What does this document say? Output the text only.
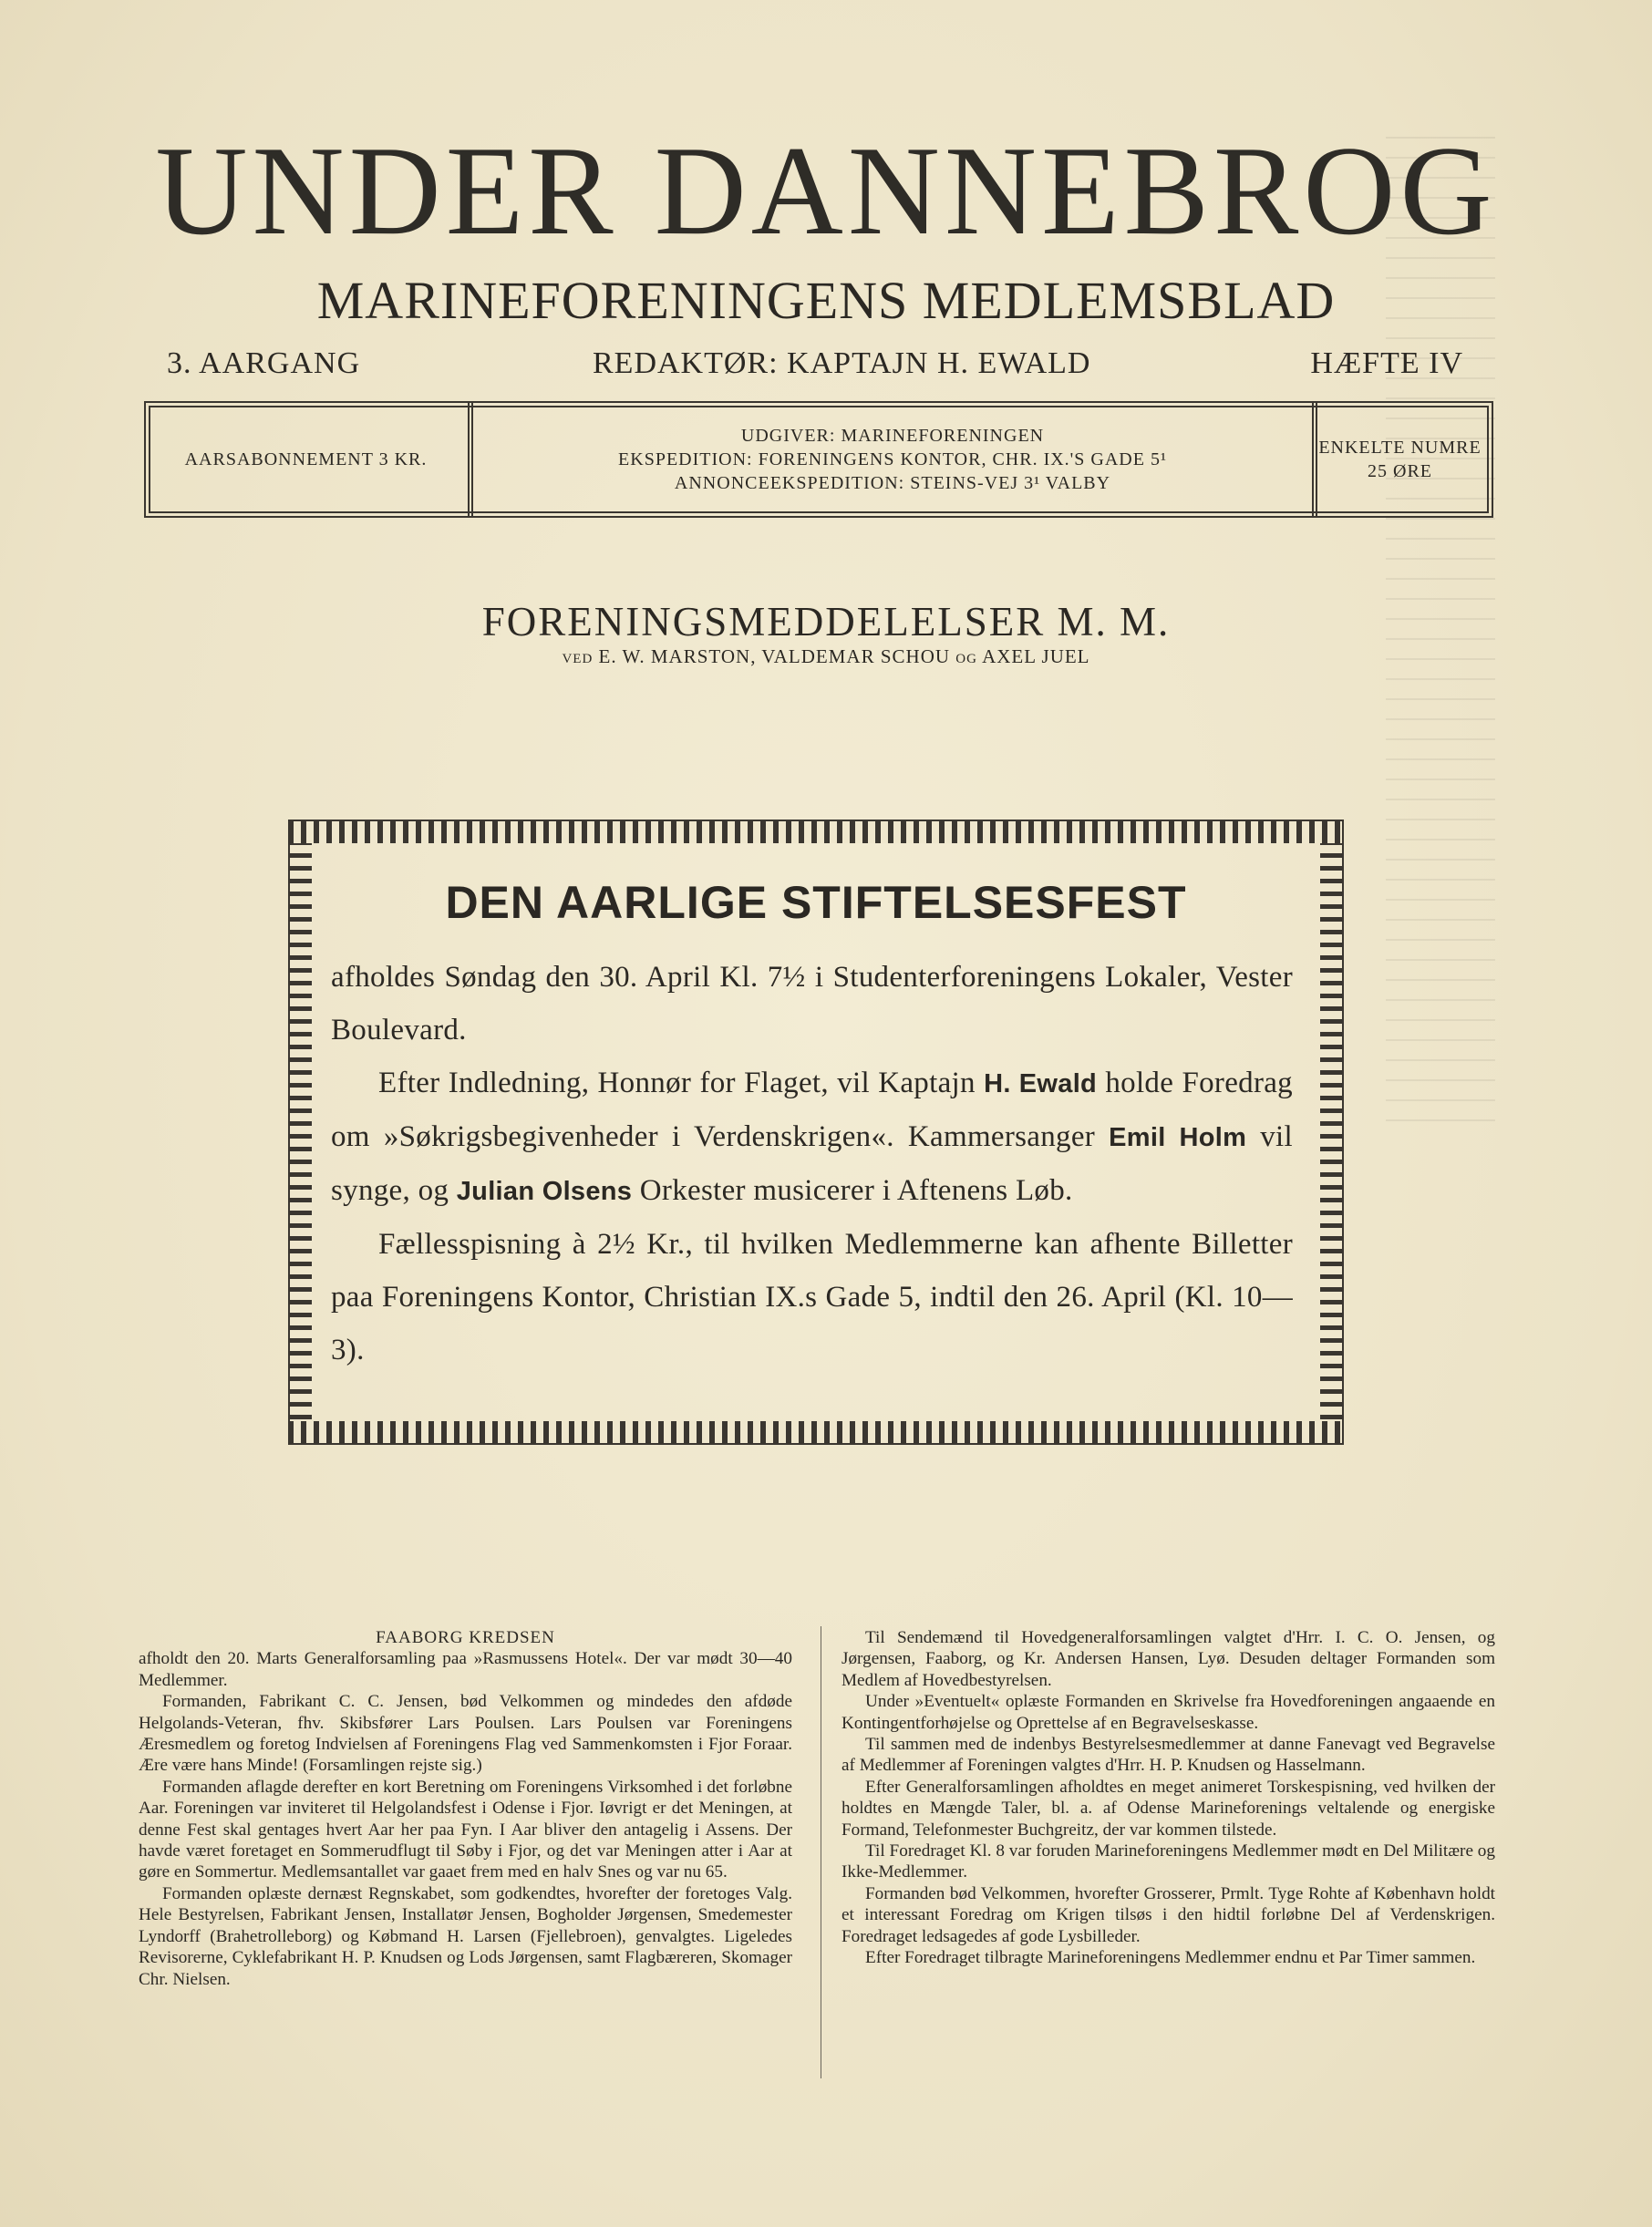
UNDER DANNEBROG
MARINEFORENINGENS MEDLEMSBLAD
3. AARGANG	REDAKTØR: KAPTAJN H. EWALD	HÆFTE IV
AARSABONNEMENT 3 KR.
UDGIVER: MARINEFORENINGEN
EKSPEDITION: FORENINGENS KONTOR, CHR. IX.'S GADE 5¹
ANNONCEEKSPEDITION: STEINS-VEJ 3¹ VALBY
ENKELTE NUMRE 25 ØRE
FORENINGSMEDDELELSER M. M.
VED E. W. MARSTON, VALDEMAR SCHOU OG AXEL JUEL
DEN AARLIGE STIFTELSESFEST

afholdes Søndag den 30. April Kl. 7½ i Studenterforeningens Lokaler, Vester Boulevard.

Efter Indledning, Honnør for Flaget, vil Kaptajn H. Ewald holde Foredrag om »Søkrigsbegivenheder i Verdenskrigen«. Kammersanger Emil Holm vil synge, og Julian Olsens Orkester musicerer i Aftenens Løb.

Fællesspisning à 2½ Kr., til hvilken Medlemmerne kan afhente Billetter paa Foreningens Kontor, Christian IX.s Gade 5, indtil den 26. April (Kl. 10—3).

FAABORG KREDSEN

afholdt den 20. Marts Generalforsamling paa »Rasmussens Hotel«. Der var mødt 30—40 Medlemmer.

Formanden, Fabrikant C. C. Jensen, bød Velkommen og mindedes den afdøde Helgolands-Veteran, fhv. Skibsfører Lars Poulsen. Lars Poulsen var Foreningens Æresmedlem og foretog Indvielsen af Foreningens Flag ved Sammenkomsten i Fjor Foraar. Ære være hans Minde! (Forsamlingen rejste sig.)

Formanden aflagde derefter en kort Beretning om Foreningens Virksomhed i det forløbne Aar. Foreningen var inviteret til Helgolandsfest i Odense i Fjor. Iøvrigt er det Meningen, at denne Fest skal gentages hvert Aar her paa Fyn. I Aar bliver den antagelig i Assens. Der havde været foretaget en Sommerudflugt til Søby i Fjor, og det var Meningen atter i Aar at gøre en Sommertur. Medlemsantallet var gaaet frem med en halv Snes og var nu 65.

Formanden oplæste dernæst Regnskabet, som godkendtes, hvorefter der foretoges Valg. Hele Bestyrelsen, Fabrikant Jensen, Installatør Jensen, Bogholder Jørgensen, Smedemester Lyndorff (Brahetrolleborg) og Købmand H. Larsen (Fjellebroen), genvalgtes. Ligeledes Revisorerne, Cyklefabrikant H. P. Knudsen og Lods Jørgensen, samt Flagbæreren, Skomager Chr. Nielsen.

Til Sendemænd til Hovedgeneralforsamlingen valgtet d'Hrr. I. C. O. Jensen, og Jørgensen, Faaborg, og Kr. Andersen Hansen, Lyø. Desuden deltager Formanden som Medlem af Hovedbestyrelsen.

Under »Eventuelt« oplæste Formanden en Skrivelse fra Hovedforeningen angaaende en Kontingentforhøjelse og Oprettelse af en Begravelseskasse.

Til sammen med de indenbys Bestyrelsesmedlemmer at danne Fanevagt ved Begravelse af Medlemmer af Foreningen valgtes d'Hrr. H. P. Knudsen og Hasselmann.

Efter Generalforsamlingen afholdtes en meget animeret Torskespisning, ved hvilken der holdtes en Mængde Taler, bl. a. af Odense Marineforenings veltalende og energiske Formand, Telefonmester Buchgreitz, der var kommen tilstede.

Til Foredraget Kl. 8 var foruden Marineforeningens Medlemmer mødt en Del Militære og Ikke-Medlemmer.

Formanden bød Velkommen, hvorefter Grosserer, Prmlt. Tyge Rohte af København holdt et interessant Foredrag om Krigen tilsøs i den hidtil forløbne Del af Verdenskrigen. Foredraget ledsagedes af gode Lysbilleder.

Efter Foredraget tilbragte Marineforeningens Medlemmer endnu et Par Timer sammen.
